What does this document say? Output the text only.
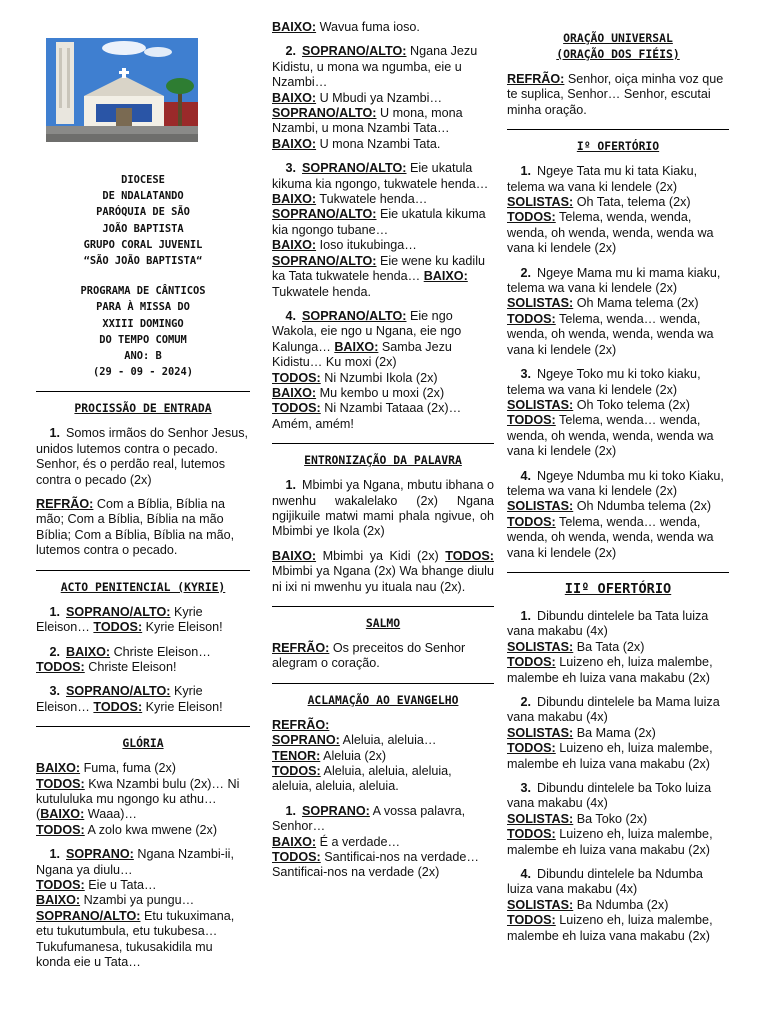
DIOCESE
DE NDALATANDO
PARÓQUIA DE SÃO
JOÃO BAPTISTA
GRUPO CORAL JUVENIL
“SÃO JOÃO BAPTISTA“
PROGRAMA DE CÂNTICOS
PARA À MISSA DO
XXIII DOMINGO
DO TEMPO COMUM
ANO: B
(29 - 09 - 2024)
PROCISSÃO DE ENTRADA

1. Somos irmãos do Senhor Jesus, unidos lutemos contra o pecado. Senhor, és o perdão real, lutemos contra o pecado (2x)

REFRÃO: Com a Bíblia, Bíblia na mão; Com a Bíblia, Bíblia na mão Bíblia; Com a Bíblia, Bíblia na mão, lutemos contra o pecado.

ACTO PENITENCIAL (KYRIE)

1. SOPRANO/ALTO: Kyrie Eleison… TODOS: Kyrie Eleison!

2. BAIXO: Christe Eleison… TODOS: Christe Eleison!

3. SOPRANO/ALTO: Kyrie Eleison… TODOS: Kyrie Eleison!

GLÓRIA

BAIXO: Fuma, fuma (2x)
TODOS: Kwa Nzambi bulu (2x)… Ni kutululuka mu ngongo ku athu… (BAIXO: Waaa)…
TODOS: A zolo kwa mwene (2x)

1. SOPRANO: Ngana Nzambi-ii, Ngana ya diulu…
TODOS: Eie u Tata…
BAIXO: Nzambi ya pungu…
SOPRANO/ALTO: Etu tukuximana, etu tukutumbula, etu tukubesa… Tukufumanesa, tukusakidila mu konda eie u Tata…

BAIXO: Wavua fuma ioso.

2. SOPRANO/ALTO: Ngana Jezu Kidistu, u mona wa ngumba, eie u Nzambi…
BAIXO: U Mbudi ya Nzambi…
SOPRANO/ALTO: U mona, mona Nzambi, u mona Nzambi Tata…
BAIXO: U mona Nzambi Tata.

3. SOPRANO/ALTO: Eie ukatula kikuma kia ngongo, tukwatele henda…
BAIXO: Tukwatele henda…
SOPRANO/ALTO: Eie ukatula kikuma kia ngongo tubane…
BAIXO: Ioso itukubinga…
SOPRANO/ALTO: Eie wene ku kadilu ka Tata tukwatele henda… BAIXO: Tukwatele henda.

4. SOPRANO/ALTO: Eie ngo Wakola, eie ngo u Ngana, eie ngo Kalunga… BAIXO: Samba Jezu Kidistu… Ku moxi (2x)
TODOS: Ni Nzumbi Ikola (2x)
BAIXO: Mu kembo u moxi (2x)
TODOS: Ni Nzambi Tataaa (2x)… Amém, amém!

ENTRONIZAÇÃO DA PALAVRA

1. Mbimbi ya Ngana, mbutu ibhana o nwenhu wakalelako (2x) Ngana ngijikuile matwi mami phala ngivue, oh Mbimbi ye Ikola (2x)

BAIXO: Mbimbi ya Kidi (2x) TODOS: Mbimbi ya Ngana (2x) Wa bhange diulu ni ixi ni mwenhu yu ituala nau (2x).

SALMO

REFRÃO: Os preceitos do Senhor alegram o coração.

ACLAMAÇÃO AO EVANGELHO

REFRÃO:
SOPRANO: Aleluia, aleluia…
TENOR: Aleluia (2x)
TODOS: Aleluia, aleluia, aleluia, aleluia, aleluia, aleluia.

1. SOPRANO: A vossa palavra, Senhor…
BAIXO: É a verdade…
TODOS: Santificai-nos na verdade… Santificai-nos na verdade (2x)

ORAÇÃO UNIVERSAL
(ORAÇÃO DOS FIÉIS)

REFRÃO: Senhor, oiça minha voz que te suplica, Senhor… Senhor, escutai minha oração.

Iº OFERTÓRIO

1. Ngeye Tata mu ki tata Kiaku, telema wa vana ki lendele (2x)
SOLISTAS: Oh Tata, telema (2x)
TODOS: Telema, wenda, wenda, wenda, oh wenda, wenda, wenda wa vana ki lendele (2x)

2. Ngeye Mama mu ki mama kiaku, telema wa vana ki lendele (2x) SOLISTAS: Oh Mama telema (2x) TODOS: Telema, wenda… wenda, wenda, oh wenda, wenda, wenda wa vana ki lendele (2x)

3. Ngeye Toko mu ki toko kiaku, telema wa vana ki lendele (2x) SOLISTAS: Oh Toko telema (2x)
TODOS: Telema, wenda… wenda, wenda, oh wenda, wenda, wenda wa vana ki lendele (2x)

4. Ngeye Ndumba mu ki toko Kiaku, telema wa vana ki lendele (2x)
SOLISTAS: Oh Ndumba telema (2x)
TODOS: Telema, wenda… wenda, wenda, oh wenda, wenda, wenda wa vana ki lendele (2x)

IIº OFERTÓRIO

1. Dibundu dintelele ba Tata luiza vana makabu (4x)
SOLISTAS: Ba Tata (2x)
TODOS: Luizeno eh, luiza malembe, malembe eh luiza vana makabu (2x)

2. Dibundu dintelele ba Mama luiza vana makabu (4x)
SOLISTAS: Ba Mama (2x)
TODOS: Luizeno eh, luiza malembe, malembe eh luiza vana makabu (2x)

3. Dibundu dintelele ba Toko luiza vana makabu (4x)
SOLISTAS: Ba Toko (2x)
TODOS: Luizeno eh, luiza malembe, malembe eh luiza vana makabu (2x)

4. Dibundu dintelele ba Ndumba luiza vana makabu (4x)
SOLISTAS: Ba Ndumba (2x)
TODOS: Luizeno eh, luiza malembe, malembe eh luiza vana makabu (2x)
